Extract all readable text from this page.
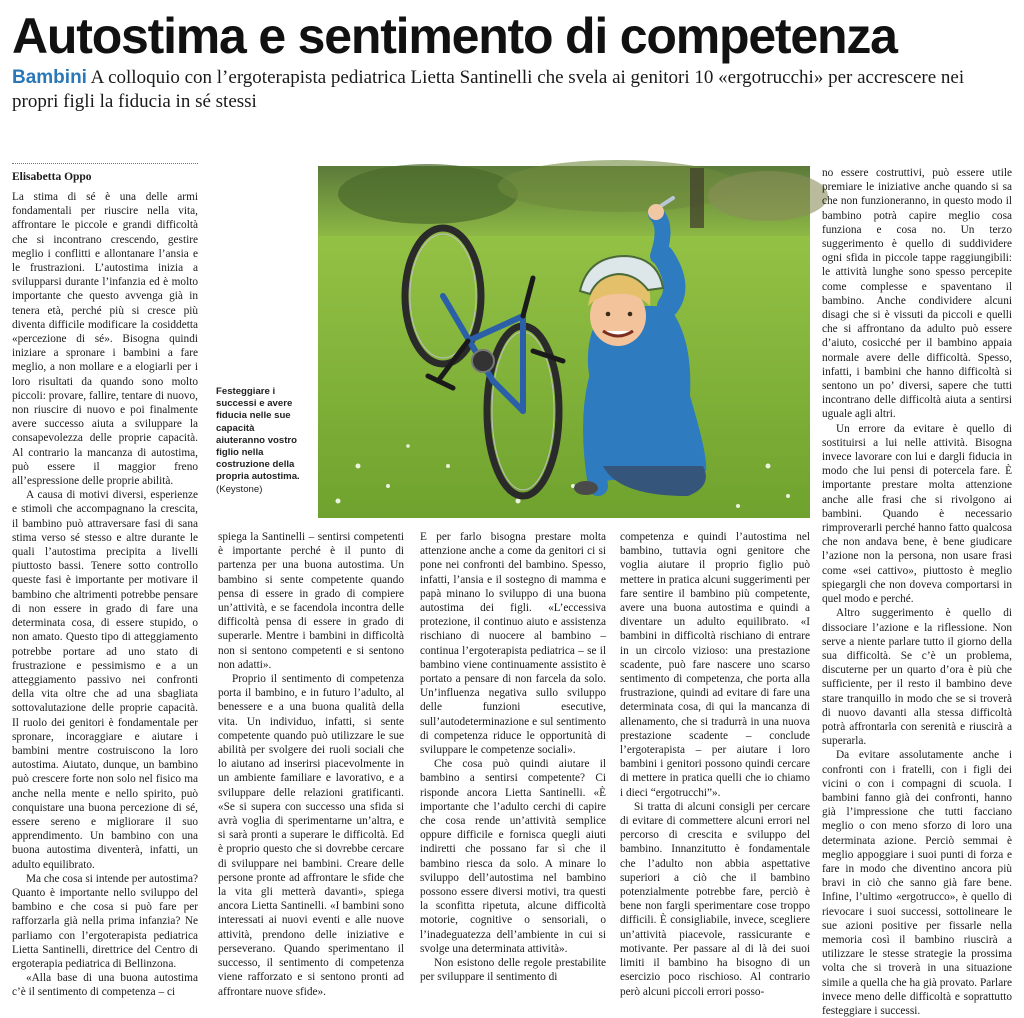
Autostima e sentimento di competenza
Bambini A colloquio con l’ergoterapista pediatrica Lietta Santinelli che svela ai genitori 10 «ergotrucchi» per accrescere nei propri figli la fiducia in sé stessi
Elisabetta Oppo

La stima di sé è una delle armi fondamentali per riuscire nella vita, affrontare le piccole e grandi difficoltà che si incontrano crescendo, gestire meglio i conflitti e allontanare l’ansia e le frustrazioni. L’autostima inizia a svilupparsi durante l’infanzia ed è molto importante che questo avvenga già in tenera età, perché più si cresce più diventa difficile modificare la cosiddetta «percezione di sé». Bisogna quindi iniziare a spronare i bambini a fare meglio, a non mollare e a elogiarli per i loro risultati da quando sono molto piccoli: provare, fallire, tentare di nuovo, non riuscire di nuovo e poi finalmente avere successo aiuta a sviluppare la consapevolezza delle proprie capacità. Al contrario la mancanza di autostima, può essere il maggior freno all’espressione delle proprie abilità.

A causa di motivi diversi, esperienze e stimoli che accompagnano la crescita, il bambino può attraversare fasi di sana stima verso sé stesso e altre durante le quali l’autostima precipita a livelli piuttosto bassi. Tenere sotto controllo queste fasi è importante per motivare il bambino che altrimenti potrebbe pensare di non essere in grado di fare una determinata cosa, di essere stupido, o non amato. Questo tipo di atteggiamento potrebbe portare ad uno stato di frustrazione e pessimismo e a un atteggiamento passivo nei confronti della vita oltre che ad una sbagliata sottovalutazione delle proprie capacità. Il ruolo dei genitori è fondamentale per spronare, incoraggiare e aiutare i bambini mentre costruiscono la loro autostima. Aiutato, dunque, un bambino può crescere forte non solo nel fisico ma anche nella mente e nello spirito, può conquistare una buona percezione di sé, essere sereno e migliorare il suo apprendimento. Un bambino con una buona autostima diventerà, infatti, un adulto equilibrato.

Ma che cosa si intende per autostima? Quanto è importante nello sviluppo del bambino e che cosa si può fare per rafforzarla già nella prima infanzia? Ne parliamo con l’ergoterapista pediatrica Lietta Santinelli, direttrice del Centro di ergoterapia pediatrica di Bellinzona.

«Alla base di una buona autostima c’è il sentimento di competenza – ci

Festeggiare i successi e avere fiducia nelle sue capacità aiuteranno vostro figlio nella costruzione della propria autostima.
(Keystone)

spiega la Santinelli – sentirsi competenti è importante perché è il punto di partenza per una buona autostima. Un bambino si sente competente quando pensa di essere in grado di compiere un’attività, e se facendola incontra delle difficoltà pensa di essere in grado di superarle. Mentre i bambini in difficoltà non si sentono competenti e si sentono non adatti».

Proprio il sentimento di competenza porta il bambino, e in futuro l’adulto, al benessere e a una buona qualità della vita. Un individuo, infatti, si sente competente quando può utilizzare le sue abilità per svolgere dei ruoli sociali che lo aiutano ad inserirsi piacevolmente in un ambiente familiare e lavorativo, e a sviluppare delle relazioni gratificanti. «Se si supera con successo una sfida si avrà voglia di sperimentarne un’altra, e si sarà pronti a superare le difficoltà. Ed è proprio questo che si dovrebbe cercare di sviluppare nei bambini. Creare delle persone pronte ad affrontare le sfide che la vita gli metterà davanti», spiega ancora Lietta Santinelli. «I bambini sono interessati ai nuovi eventi e alle nuove attività, prendono delle iniziative e perseverano. Quando sperimentano il successo, il sentimento di competenza viene rafforzato e si sentono pronti ad affrontare nuove sfide».

E per farlo bisogna prestare molta attenzione anche a come da genitori ci si pone nei confronti del bambino. Spesso, infatti, l’ansia e il sostegno di mamma e papà minano lo sviluppo di una buona autostima dei figli. «L’eccessiva protezione, il continuo aiuto e assistenza rischiano di nuocere al bambino – continua l’ergoterapista pediatrica – se il bambino viene continuamente assistito è portato a pensare di non farcela da solo. Un’influenza negativa sullo sviluppo delle funzioni esecutive, sull’autodeterminazione e sul sentimento di competenza riduce le opportunità di sviluppare le competenze sociali».

Che cosa può quindi aiutare il bambino a sentirsi competente? Ci risponde ancora Lietta Santinelli. «È importante che l’adulto cerchi di capire che cosa rende un’attività semplice oppure difficile e fornisca quegli aiuti indiretti che possano far sì che il bambino riesca da solo. A minare lo sviluppo dell’autostima nel bambino possono essere diversi motivi, tra questi la sconfitta ripetuta, alcune difficoltà motorie, cognitive o sensoriali, o l’inadeguatezza dell’ambiente in cui si svolge una determinata attività».

Non esistono delle regole prestabilite per sviluppare il sentimento di

competenza e quindi l’autostima nel bambino, tuttavia ogni genitore che voglia aiutare il proprio figlio può mettere in pratica alcuni suggerimenti per fare sentire il bambino più competente, avere una buona autostima e quindi a diventare un adulto equilibrato. «I bambini in difficoltà rischiano di entrare in un circolo vizioso: una prestazione scadente, può fare nascere uno scarso sentimento di competenza, che porta alla frustrazione, quindi ad evitare di fare una determinata cosa, di qui la mancanza di allenamento, che si tradurrà in una nuova prestazione scadente – conclude l’ergoterapista – per aiutare i loro bambini i genitori possono quindi cercare di mettere in pratica quelli che io chiamo i dieci “ergotrucchi”».

Si tratta di alcuni consigli per cercare di evitare di commettere alcuni errori nel percorso di crescita e sviluppo del bambino. Innanzitutto è fondamentale che l’adulto non abbia aspettative superiori a ciò che il bambino potenzialmente potrebbe fare, perciò è bene non fargli sperimentare cose troppo difficili. È consigliabile, invece, scegliere un’attività piacevole, rassicurante e motivante. Per passare al di là dei suoi limiti il bambino ha bisogno di un esercizio poco rischioso. Al contrario però alcuni piccoli errori posso-

no essere costruttivi, può essere utile premiare le iniziative anche quando si sa che non funzioneranno, in questo modo il bambino potrà capire meglio cosa funziona e cosa no. Un terzo suggerimento è quello di suddividere ogni sfida in piccole tappe raggiungibili: le attività lunghe sono spesso percepite come complesse e spaventano il bambino. Anche condividere alcuni disagi che si è vissuti da piccoli e quelli che si affrontano da adulto può essere d’aiuto, cosicché per il bambino appaia normale avere delle difficoltà. Spesso, infatti, i bambini che hanno difficoltà si sentono un po’ diversi, sapere che tutti incontrano delle difficoltà aiuta a sentirsi uguale agli altri.

Un errore da evitare è quello di sostituirsi a lui nelle attività. Bisogna invece lavorare con lui e dargli fiducia in modo che lui pensi di potercela fare. È importante prestare molta attenzione anche alle frasi che si rivolgono ai bambini. Quando è necessario rimproverarli perché hanno fatto qualcosa che non andava bene, è bene giudicare l’azione non la persona, non usare frasi come «sei cattivo», piuttosto è meglio spiegargli che non doveva comportarsi in quel modo e perché.

Altro suggerimento è quello di dissociare l’azione e la riflessione. Non serve a niente parlare tutto il giorno della sua difficoltà. Se c’è un problema, discuterne per un quarto d’ora è più che sufficiente, per il resto il bambino deve stare tranquillo in modo che se si troverà di nuovo davanti alla stessa difficoltà potrà affrontarla con serenità e riuscirà a superarla.

Da evitare assolutamente anche i confronti con i fratelli, con i figli dei vicini o con i compagni di scuola. I bambini fanno già dei confronti, hanno già l’impressione che tutti facciano meglio o con meno sforzo di loro una determinata azione. Perciò semmai è meglio appoggiare i suoi punti di forza e fare in modo che diventino ancora più bravi in ciò che sanno già fare bene. Infine, l’ultimo «ergotrucco», è quello di rievocare i suoi successi, sottolineare le sue azioni positive per fissarle nella memoria così il bambino riuscirà a utilizzare le stesse strategie la prossima volta che si troverà in una situazione simile a quella che ha già provato. Parlare invece meno delle difficoltà e soprattutto festeggiare i successi.
